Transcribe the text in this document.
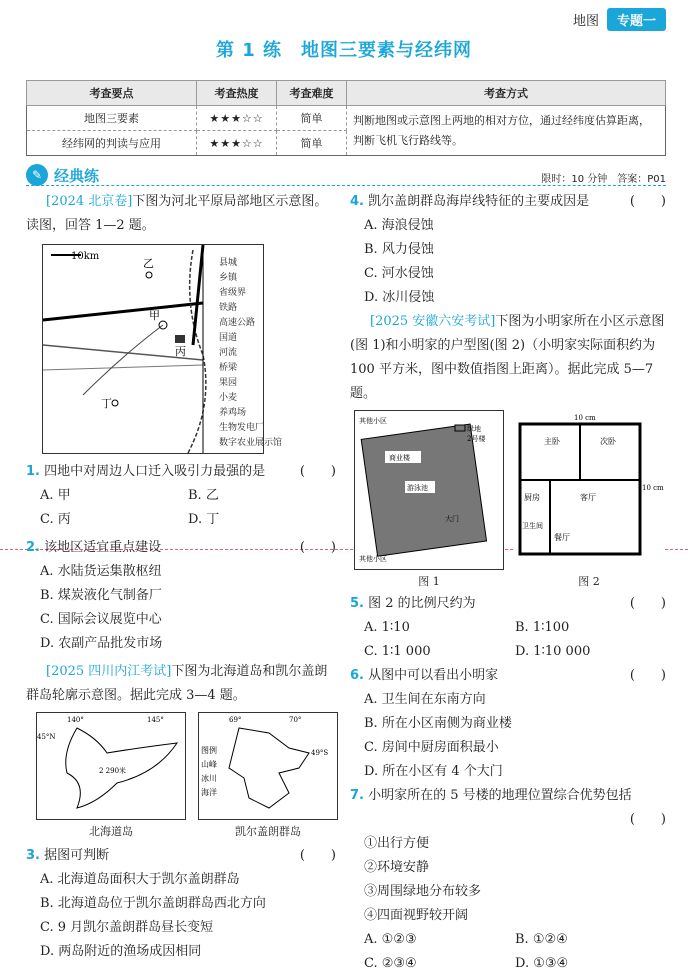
地图	专题一
第 1 练　地图三要素与经纬网
考查要点	考查热度	考查难度	考查方式
地图三要素	★★★☆☆	简单	判断地图或示意图上两地的相对方位，通过经纬度估算距离，判断飞机飞行路线等。
经纬网的判读与应用	★★★☆☆	简单	
✎ 经典练	限时：10 分钟　 答案：P01
[2024 北京卷]下图为河北平原局部地区示意图。读图，回答 1—2 题。
10km
甲
乙
丙
丁
县城
乡镇
省级界
铁路
高速公路
国道
河流
桥梁
果园
小麦
养鸡场
生物发电厂
数字农业展示馆
1. 四地中对周边人口迁入吸引力最强的是	(　　)
A. 甲	B. 乙
C. 丙	D. 丁
2. 该地区适宜重点建设	(　　)
A. 水陆货运集散枢纽
B. 煤炭液化气制备厂
C. 国际会议展览中心
D. 农副产品批发市场
[2025 四川内江考试]下图为北海道岛和凯尔盖朗群岛轮廓示意图。据此完成 3—4 题。
140°	145°
45°N
2 290米
北海道岛
69°	70°
49°S
图例
山峰
冰川
海洋
凯尔盖朗群岛
3. 据图可判断	(　　)
A. 北海道岛面积大于凯尔盖朗群岛
B. 北海道岛位于凯尔盖朗群岛西北方向
C. 9 月凯尔盖朗群岛昼长变短
D. 两岛附近的渔场成因相同
4. 凯尔盖朗群岛海岸线特征的主要成因是	(　　)
A. 海浪侵蚀
B. 风力侵蚀
C. 河水侵蚀
D. 冰川侵蚀
[2025 安徽六安考试]下图为小明家所在小区示意图(图 1)和小明家的户型图(图 2)（小明家实际面积约为 100 平方米，图中数值指图上距离）。据此完成 5—7 题。
其他小区
商业楼
游泳池
绿地
2号楼
大门
其他小区
图 1
10 cm
主卧	次卧
厨房	客厅
卫生间
餐厅
10 cm
图 2
5. 图 2 的比例尺约为	(　　)
A. 1∶10	B. 1∶100
C. 1∶1 000	D. 1∶10 000
6. 从图中可以看出小明家	(　　)
A. 卫生间在东南方向
B. 所在小区南侧为商业楼
C. 房间中厨房面积最小
D. 所在小区有 4 个大门
7. 小明家所在的 5 号楼的地理位置综合优势包括
(　　)
①出行方便
②环境安静
③周围绿地分布较多
④四面视野较开阔
A. ①②③	B. ①②④
C. ②③④	D. ①③④
